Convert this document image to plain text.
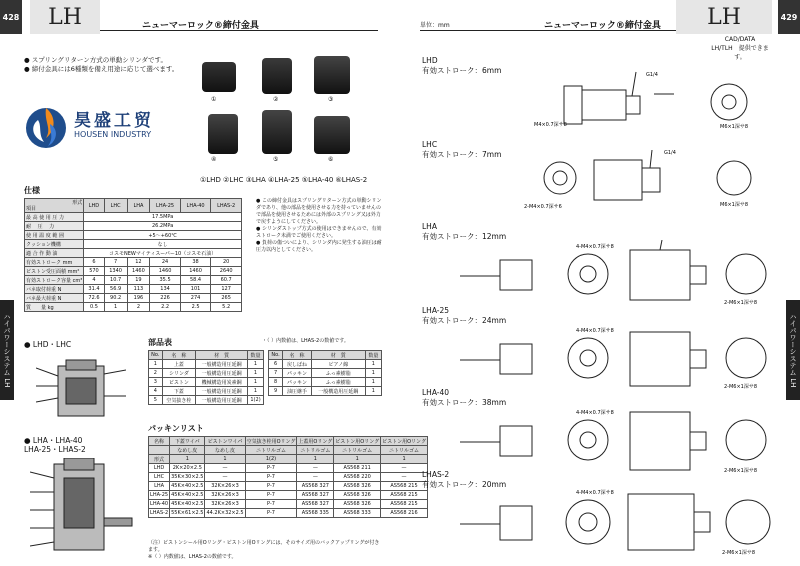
428	LH	ニューマーロック®締付金具
● スプリングリターン方式の単動シリンダです。
● 締付金具には6種類を備え用途に応じて選べます。
昊盛工贸
HOUSEN INDUSTRY
①	②	③
④	⑤	⑥
①LHD ②LHC ③LHA ④LHA-25 ⑤LHA-40 ⑥LHAS-2
仕様
形式

項目	LHD	LHC	LHA	LHA-25	LHA-40	LHAS-2
最 高 使 用 圧 力	17.5MPa					
耐　 圧　 力	26.2MPa					
使 用 温 度 範 囲	+5～+60℃					
クッション機構	なし					
適 合 作 動 油	コスモNEWマイティスーパー10（コスモ石油）					
有効ストローク mm	6	7	12	24	38	20
ピストン受圧面積 mm²	570	1340	1460	1460	1460	2640
有効ストローク容量 cm³	4	10.7	19	35.5	58.4	60.7
バネ取付荷重 N	31.4	56.9	113	134	101	127
バネ最大荷重 N	72.6	90.2	196	226	274	265
質　　量 kg	0.5	1	2	2.2	2.5	5.2
● この締付金具はスプリングリターン方式の単動シリンダであり、他の部品を使用させる力を持っていませんので部品を使用させるためには外部のスプリング又は外力で戻すようにしてください。
● シリンダストップ方式の使用はできませんので、有効ストローク未満でご使用ください。
● 負荷の傷ついにより、シリンダ内に発生する油圧は耐圧力以内としてください。
● LHD・LHC
● LHA・LHA-40
LHA-25・LHAS-2
部品表	・（ ）内数値は、LHAS-2の数値です。
No.	名　称	材　質	数量
1	上蓋	一般構造用圧延鋼	1
2	シリンダ	一般構造用圧延鋼	1
3	ピストン	機械構造用炭素鋼	1
4	下蓋	一般構造用圧延鋼	1
5	空気抜き栓	一般構造用圧延鋼	1(2)
No.	名　称	材　質	数量
6	戻しばね	ピアノ線	1
7	パッキン	ふっ素樹脂	1
8	パッキン	ふっ素樹脂	1
9	油圧継手	一般構造用圧延鋼	1
パッキンリスト
名称	下蓋ワイパ	ピストンワイパ	空気抜き栓用Oリング	上蓋用Oリング	ピストン用Oリング	ピストン用Oリング
	なめし皮	なめし皮	ニトリルゴム	ニトリルゴム	ニトリルゴム	ニトリルゴム
形式	1	1	1(2)	1	1	1
LHD	2K×20×2.5	—	P-7	—	AS568 211	—
LHC	35K×30×2.5	—	P-7	—	AS568 220	—
LHA	45K×40×2.5	32K×26×3	P-7	AS568 327	AS568 326	AS568 215
LHA-25	45K×40×2.5	32K×26×3	P-7	AS568 327	AS568 326	AS568 215
LHA-40	45K×40×2.5	32K×26×3	P-7	AS568 327	AS568 326	AS568 215
LHAS-2	55K×61×2.5	44.2K×32×2.5	P-7	AS568 335	AS568 333	AS568 216
（注）ピストンシール用Oリング・ピストン用Oリングには、そのサイズ用のバックアップリングが付きます。
※（ ）内数値は、LHAS-2の数値です。
ハイパワーシステム LH
429
LH
単位：mm	ニューマーロック®締付金具
CAD/DATA
LH/TLH　提供できます。
LHD
有効ストローク：6mm	G1/4
M4×0.7深サ8	M6×1深サ8
LHC
有効ストローク：7mm	G1/4
2-M4×0.7深サ6	M6×1深サ8
LHA
有効ストローク：12mm
4-M4×0.7深サ8
2-M6×1深サ8
LHA-25
有効ストローク：24mm
4-M4×0.7深サ8
2-M6×1深サ8
LHA-40
有効ストローク：38mm
4-M4×0.7深サ8
2-M6×1深サ8
LHAS-2
有効ストローク：20mm
4-M4×0.7深サ8
2-M6×1深サ8
ハイパワーシステム LH
